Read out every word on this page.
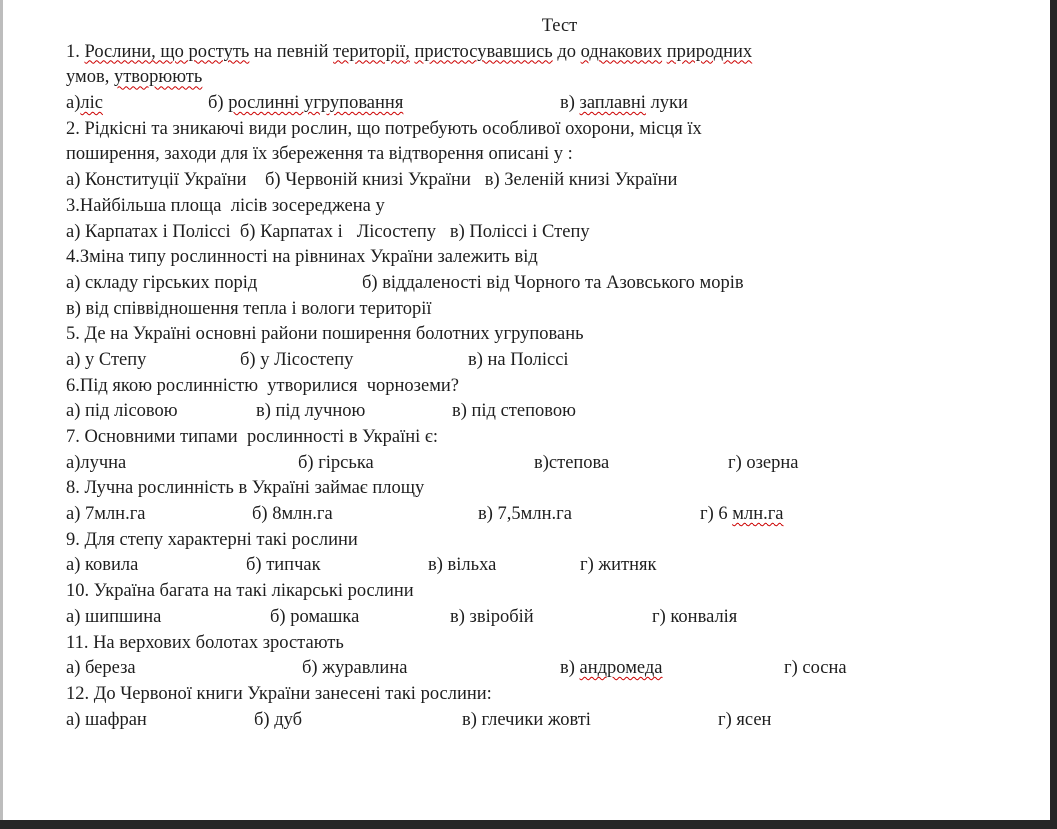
Тест
1. Рослини, що ростуть на певній території, пристосувавшись до однакових природних
умов, утворюють
а)ліс	б) рослинні угруповання	в) заплавні луки
2. Рідкісні та зникаючі види рослин, що потребують особливої охорони, місця їх
поширення, заходи для їх збереження та відтворення описані у :
а) Конституції України    б) Червоній книзі України   в) Зеленій книзі України
3.Найбільша площа  лісів зосереджена у
а) Карпатах і Поліссі  б) Карпатах і   Лісостепу   в) Поліссі і Степу
4.Зміна типу рослинності на рівнинах України залежить від
а) складу гірських порід	б) віддаленості від Чорного та Азовського морів
в) від співвідношення тепла і вологи території
5. Де на Україні основні райони поширення болотних угруповань
а) у Степу	б) у Лісостепу	в) на Поліссі
6.Під якою рослинністю  утворилися  чорноземи?
а) під лісовою	в) під лучною	в) під степовою
7. Основними типами  рослинності в Україні є:
а)лучна	б) гірська	в)степова	г) озерна
8. Лучна рослинність в Україні займає площу
а) 7млн.га	б) 8млн.га	в) 7,5млн.га	г) 6 млн.га
9. Для степу характерні такі рослини
а) ковила	б) типчак	в) вільха	г) житняк
10. Україна багата на такі лікарські рослини
а) шипшина	б) ромашка	в) звіробій	г) конвалія
11. На верхових болотах зростають
а) береза	б) журавлина	в) андромеда	г) сосна
12. До Червоної книги України занесені такі рослини:
а) шафран	б) дуб	в) глечики жовті	г) ясен
